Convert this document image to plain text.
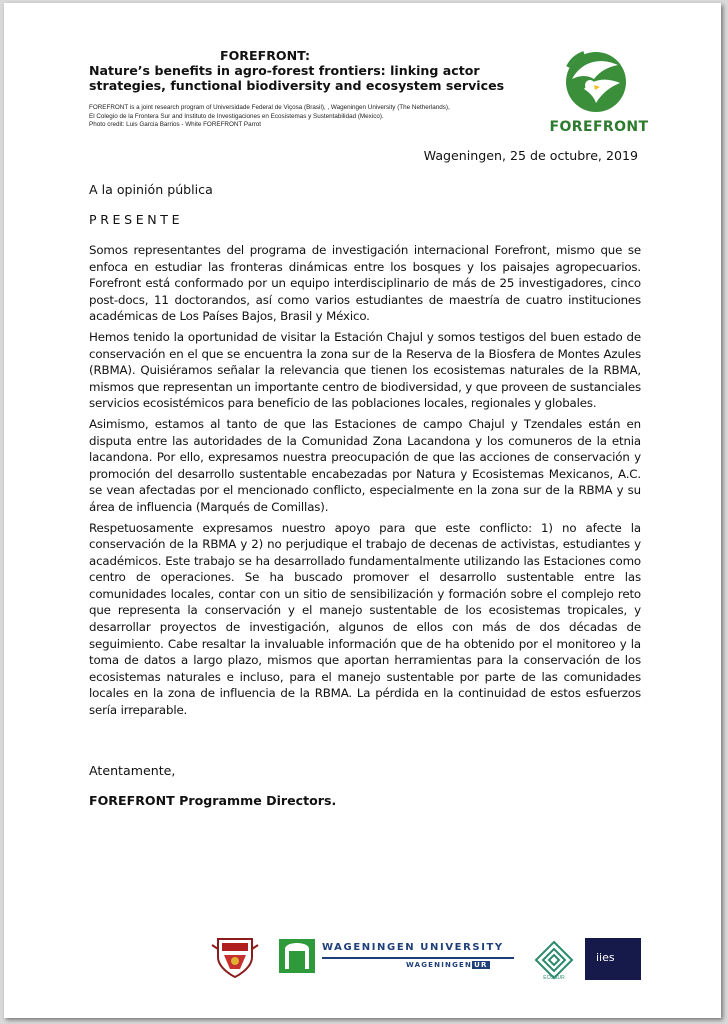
FOREFRONT:
Nature’s benefits in agro-forest frontiers: linking actor strategies, functional biodiversity and ecosystem services
FOREFRONT is a joint research program of Universidade Federal de Viçosa (Brasil), , Wageningen University (The Netherlands),
El Colegio de la Frontera Sur and Instituto de Investigaciones en Ecosistemas y Sustentabilidad (Mexico).
Photo credit: Luis Garcia Barrios - White FOREFRONT Parrot	FOREFRONT
Wageningen, 25 de octubre, 2019
A la opinión pública
PRESENTE

Somos representantes del programa de investigación internacional Forefront, mismo que se enfoca en estudiar las fronteras dinámicas entre los bosques y los paisajes agropecuarios. Forefront está conformado por un equipo interdisciplinario de más de 25 investigadores, cinco post-docs, 11 doctorandos, así como varios estudiantes de maestría de cuatro instituciones académicas de Los Países Bajos, Brasil y México.

Hemos tenido la oportunidad de visitar la Estación Chajul y somos testigos del buen estado de conservación en el que se encuentra la zona sur de la Reserva de la Biosfera de Montes Azules (RBMA). Quisiéramos señalar la relevancia que tienen los ecosistemas naturales de la RBMA, mismos que representan un importante centro de biodiversidad, y que proveen de sustanciales servicios ecosistémicos para beneficio de las poblaciones locales, regionales y globales.

Asimismo, estamos al tanto de que las Estaciones de campo Chajul y Tzendales están en disputa entre las autoridades de la Comunidad Zona Lacandona y los comuneros de la etnia lacandona. Por ello, expresamos nuestra preocupación de que las acciones de conservación y promoción del desarrollo sustentable encabezadas por Natura y Ecosistemas Mexicanos, A.C. se vean afectadas por el mencionado conflicto, especialmente en la zona sur de la RBMA y su área de influencia (Marqués de Comillas).

Respetuosamente expresamos nuestro apoyo para que este conflicto: 1) no afecte la conservación de la RBMA y 2) no perjudique el trabajo de decenas de activistas, estudiantes y académicos. Este trabajo se ha desarrollado fundamentalmente utilizando las Estaciones como centro de operaciones. Se ha buscado promover el desarrollo sustentable entre las comunidades locales, contar con un sitio de sensibilización y formación sobre el complejo reto que representa la conservación y el manejo sustentable de los ecosistemas tropicales, y desarrollar proyectos de investigación, algunos de ellos con más de dos décadas de seguimiento. Cabe resaltar la invaluable información que de ha obtenido por el monitoreo y la toma de datos a largo plazo, mismos que aportan herramientas para la conservación de los ecosistemas naturales e incluso, para el manejo sustentable por parte de las comunidades locales en la zona de influencia de la RBMA. La pérdida en la continuidad de estos esfuerzos sería irreparable.

Atentamente,
FOREFRONT Programme Directors.
WAGENINGEN UNIVERSITY
WAGENINGEN UR
ECOSUR
iies
